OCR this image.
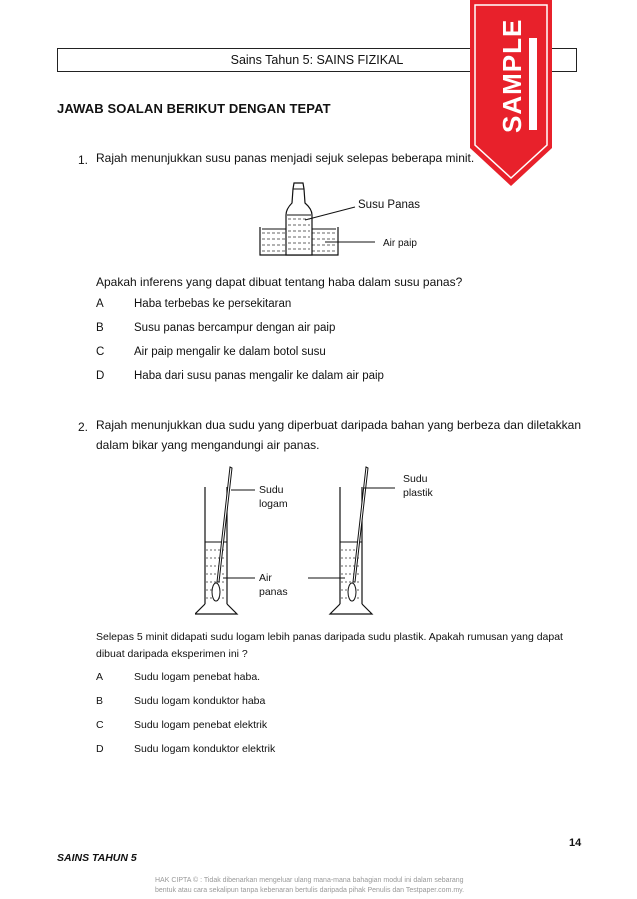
Sains Tahun 5: SAINS FIZIKAL
JAWAB SOALAN BERIKUT DENGAN TEPAT
1. Rajah menunjukkan susu panas menjadi sejuk selepas beberapa minit.
Susu Panas
Air paip
Apakah inferens yang dapat dibuat tentang haba dalam susu panas?
A	Haba terbebas ke persekitaran
B	Susu panas bercampur dengan air paip
C	Air paip mengalir ke dalam botol susu
D	Haba dari susu panas mengalir ke dalam air paip
2. Rajah menunjukkan dua sudu yang diperbuat daripada bahan yang berbeza dan diletakkan
dalam bikar yang mengandungi air panas.
Sudu
logam
Sudu
plastik
Air
panas
Selepas 5 minit didapati sudu logam lebih panas daripada sudu plastik. Apakah rumusan yang dapat
dibuat daripada eksperimen ini ?
A	Sudu logam penebat haba.
B	Sudu logam konduktor haba
C	Sudu logam penebat elektrik
D	Sudu logam konduktor elektrik
14
SAINS TAHUN 5
HAK CIPTA © : Tidak dibenarkan mengeluar ulang mana-mana bahagian modul ini dalam sebarang
bentuk atau cara sekalipun tanpa kebenaran bertulis daripada pihak Penulis dan Testpaper.com.my.
SAMPLE
